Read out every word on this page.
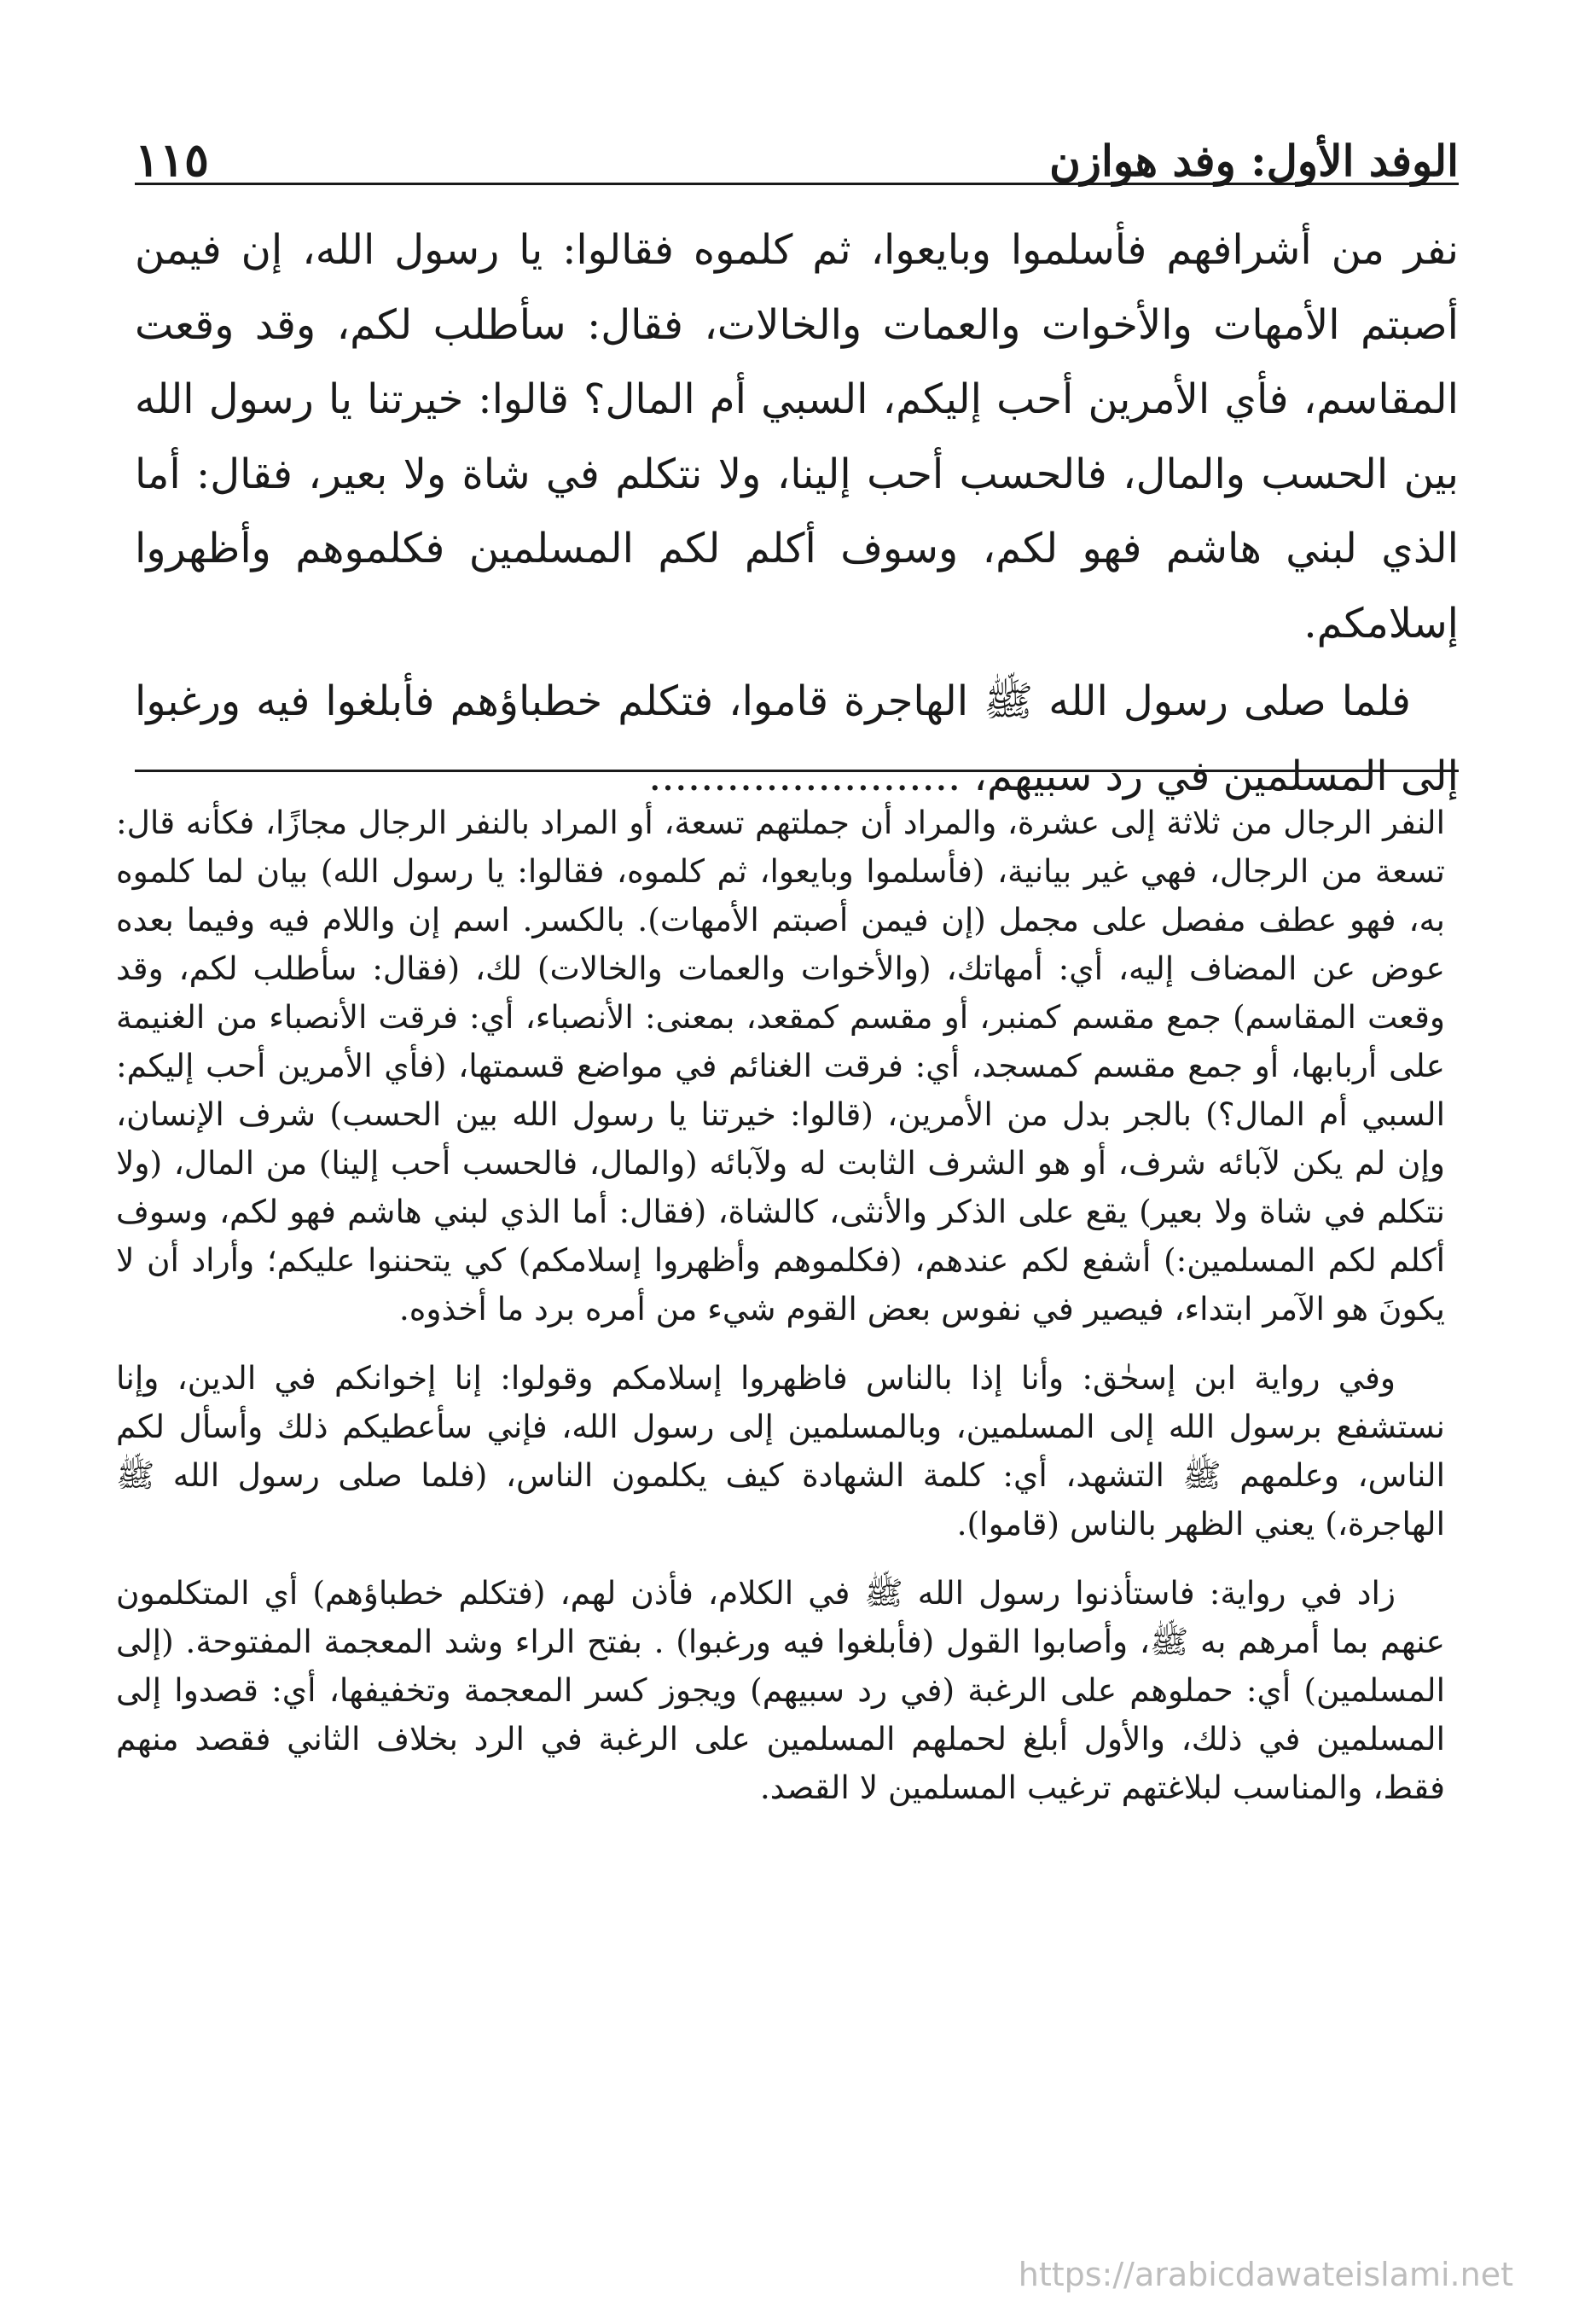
الوفد الأول: وفد هوازن
١١٥

نفر من أشرافهم فأسلموا وبايعوا، ثم كلموه فقالوا: يا رسول الله، إن فيمن أصبتم الأمهات والأخوات والعمات والخالات، فقال: سأطلب لكم، وقد وقعت المقاسم، فأي الأمرين أحب إليكم، السبي أم المال؟ قالوا: خيرتنا يا رسول الله بين الحسب والمال، فالحسب أحب إلينا، ولا نتكلم في شاة ولا بعير، فقال: أما الذي لبني هاشم فهو لكم، وسوف أكلم لكم المسلمين فكلموهم وأظهروا إسلامكم.

فلما صلى رسول الله ﷺ الهاجرة قاموا، فتكلم خطباؤهم فأبلغوا فيه ورغبوا إلى المسلمين في رد سبيهم، ........................

النفر الرجال من ثلاثة إلى عشرة، والمراد أن جملتهم تسعة، أو المراد بالنفر الرجال مجازًا، فكأنه قال: تسعة من الرجال، فهي غير بيانية، (فأسلموا وبايعوا، ثم كلموه، فقالوا: يا رسول الله) بيان لما كلموه به، فهو عطف مفصل على مجمل (إن فيمن أصبتم الأمهات). بالكسر. اسم إن واللام فيه وفيما بعده عوض عن المضاف إليه، أي: أمهاتك، (والأخوات والعمات والخالات) لك، (فقال: سأطلب لكم، وقد وقعت المقاسم) جمع مقسم كمنبر، أو مقسم كمقعد، بمعنى: الأنصباء، أي: فرقت الأنصباء من الغنيمة على أربابها، أو جمع مقسم كمسجد، أي: فرقت الغنائم في مواضع قسمتها، (فأي الأمرين أحب إليكم: السبي أم المال؟) بالجر بدل من الأمرين، (قالوا: خيرتنا يا رسول الله بين الحسب) شرف الإنسان، وإن لم يكن لآبائه شرف، أو هو الشرف الثابت له ولآبائه (والمال، فالحسب أحب إلينا) من المال، (ولا نتكلم في شاة ولا بعير) يقع على الذكر والأنثى، كالشاة، (فقال: أما الذي لبني هاشم فهو لكم، وسوف أكلم لكم المسلمين:) أشفع لكم عندهم، (فكلموهم وأظهروا إسلامكم) كي يتحننوا عليكم؛ وأراد أن لا يكونَ هو الآمر ابتداء، فيصير في نفوس بعض القوم شيء من أمره برد ما أخذوه.

وفي رواية ابن إسحٰق: وأنا إذا بالناس فاظهروا إسلامكم وقولوا: إنا إخوانكم في الدين، وإنا نستشفع برسول الله إلى المسلمين، وبالمسلمين إلى رسول الله، فإني سأعطيكم ذلك وأسأل لكم الناس، وعلمهم ﷺ التشهد، أي: كلمة الشهادة كيف يكلمون الناس، (فلما صلى رسول الله ﷺ الهاجرة،) يعني الظهر بالناس (قاموا).

زاد في رواية: فاستأذنوا رسول الله ﷺ في الكلام، فأذن لهم، (فتكلم خطباؤهم) أي المتكلمون عنهم بما أمرهم به ﷺ، وأصابوا القول (فأبلغوا فيه ورغبوا) . بفتح الراء وشد المعجمة المفتوحة. (إلى المسلمين) أي: حملوهم على الرغبة (في رد سبيهم) ويجوز كسر المعجمة وتخفيفها، أي: قصدوا إلى المسلمين في ذلك، والأول أبلغ لحملهم المسلمين على الرغبة في الرد بخلاف الثاني فقصد منهم فقط، والمناسب لبلاغتهم ترغيب المسلمين لا القصد.

https://arabicdawateislami.net
